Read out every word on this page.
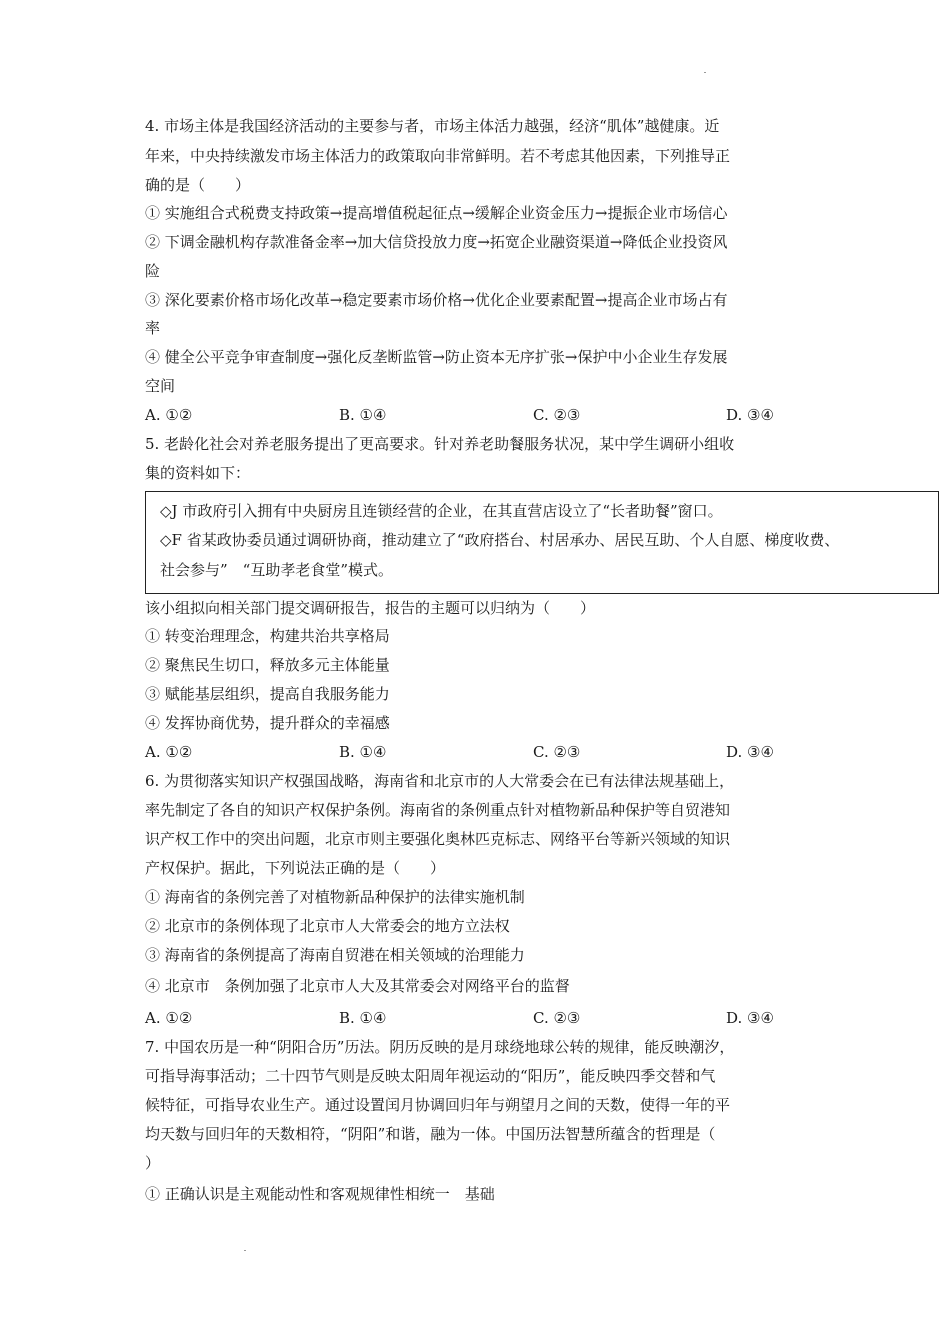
4. 市场主体是我国经济活动的主要参与者，市场主体活力越强，经济“肌体”越健康。近
年来，中央持续激发市场主体活力的政策取向非常鲜明。若不考虑其他因素，下列推导正
确的是（　　）
① 实施组合式税费支持政策→提高增值税起征点→缓解企业资金压力→提振企业市场信心
② 下调金融机构存款准备金率→加大信贷投放力度→拓宽企业融资渠道→降低企业投资风
险
③ 深化要素价格市场化改革→稳定要素市场价格→优化企业要素配置→提高企业市场占有
率
④ 健全公平竞争审查制度→强化反垄断监管→防止资本无序扩张→保护中小企业生存发展
空间
A. ①②	B. ①④	C. ②③	D. ③④
5. 老龄化社会对养老服务提出了更高要求。针对养老助餐服务状况，某中学生调研小组收
集的资料如下：
◇J 市政府引入拥有中央厨房且连锁经营的企业，在其直营店设立了“长者助餐”窗口。
◇F 省某政协委员通过调研协商，推动建立了“政府搭台、村居承办、居民互助、个人自愿、梯度收费、
社会参与”　“互助孝老食堂”模式。
该小组拟向相关部门提交调研报告，报告的主题可以归纳为（　　）
① 转变治理理念，构建共治共享格局
② 聚焦民生切口，释放多元主体能量
③ 赋能基层组织，提高自我服务能力
④ 发挥协商优势，提升群众的幸福感
A. ①②	B. ①④	C. ②③	D. ③④
6. 为贯彻落实知识产权强国战略，海南省和北京市的人大常委会在已有法律法规基础上，
率先制定了各自的知识产权保护条例。海南省的条例重点针对植物新品种保护等自贸港知
识产权工作中的突出问题，北京市则主要强化奥林匹克标志、网络平台等新兴领域的知识
产权保护。据此，下列说法正确的是（　　）
① 海南省的条例完善了对植物新品种保护的法律实施机制
② 北京市的条例体现了北京市人大常委会的地方立法权
③ 海南省的条例提高了海南自贸港在相关领域的治理能力
④ 北京市　条例加强了北京市人大及其常委会对网络平台的监督
A. ①②	B. ①④	C. ②③	D. ③④
7. 中国农历是一种“阴阳合历”历法。阴历反映的是月球绕地球公转的规律，能反映潮汐，
可指导海事活动；二十四节气则是反映太阳周年视运动的“阳历”，能反映四季交替和气
候特征，可指导农业生产。通过设置闰月协调回归年与朔望月之间的天数，使得一年的平
均天数与回归年的天数相符，“阴阳”和谐，融为一体。中国历法智慧所蕴含的哲理是（
）
① 正确认识是主观能动性和客观规律性相统一　基础
